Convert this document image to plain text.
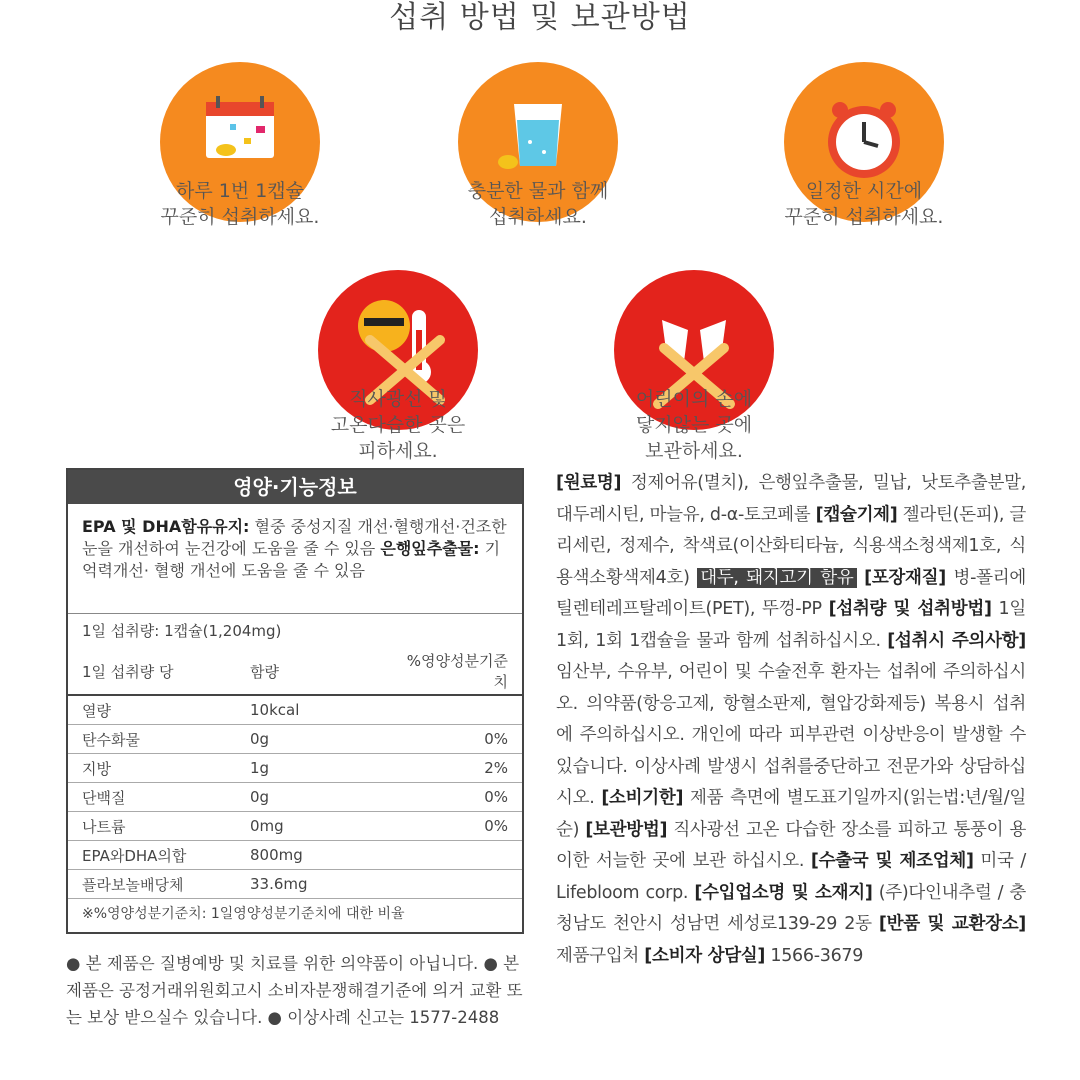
섭취 방법 및 보관방법
하루 1번 1캡슐
꾸준히 섭취하세요.
충분한 물과 함께
섭취하세요.
일정한 시간에
꾸준히 섭취하세요.
직사광선 및
고온다습한 곳은
피하세요.
어린이의 손에
닿지않는 곳에
보관하세요.
영양·기능정보
EPA 및 DHA함유유지: 혈중 중성지질 개선·혈행개선·건조한 눈을 개선하여 눈건강에 도움을 줄 수 있음 은행잎추출물: 기억력개선· 혈행 개선에 도움을 줄 수 있음
1일 섭취량: 1캡슐(1,204mg)
1일 섭취량 당	함량	%영양성분기준치
열량	10kcal	
탄수화물	0g	0%
지방	1g	2%
단백질	0g	0%
나트륨	0mg	0%
EPA와DHA의합	800mg	
플라보놀배당체	33.6mg	
※%영양성분기준치: 1일영양성분기준치에 대한 비율
● 본 제품은 질병예방 및 치료를 위한 의약품이 아닙니다. ● 본 제품은 공정거래위원회고시 소비자분쟁해결기준에 의거 교환 또는 보상 받으실수 있습니다. ● 이상사례 신고는 1577-2488
[원료명] 정제어유(멸치), 은행잎추출물, 밀납, 낫토추출분말, 대두레시틴, 마늘유, d-α-토코페롤 [캡슐기제] 젤라틴(돈피), 글리세린, 정제수, 착색료(이산화티타늄, 식용색소청색제1호, 식용색소황색제4호) 대두, 돼지고기 함유 [포장재질] 병-폴리에틸렌테레프탈레이트(PET), 뚜껑-PP [섭취량 및 섭취방법] 1일 1회, 1회 1캡슐을 물과 함께 섭취하십시오. [섭취시 주의사항] 임산부, 수유부, 어린이 및 수술전후 환자는 섭취에 주의하십시오. 의약품(항응고제, 항혈소판제, 혈압강화제등) 복용시 섭취에 주의하십시오. 개인에 따라 피부관련 이상반응이 발생할 수 있습니다. 이상사례 발생시 섭취를중단하고 전문가와 상담하십시오. [소비기한] 제품 측면에 별도표기일까지(읽는법:년/월/일 순) [보관방법] 직사광선 고온 다습한 장소를 피하고 통풍이 용이한 서늘한 곳에 보관 하십시오. [수출국 및 제조업체] 미국 / Lifebloom corp. [수입업소명 및 소재지] (주)다인내추럴 / 충청남도 천안시 성남면 세성로139-29 2동 [반품 및 교환장소] 제품구입처 [소비자 상담실] 1566-3679
